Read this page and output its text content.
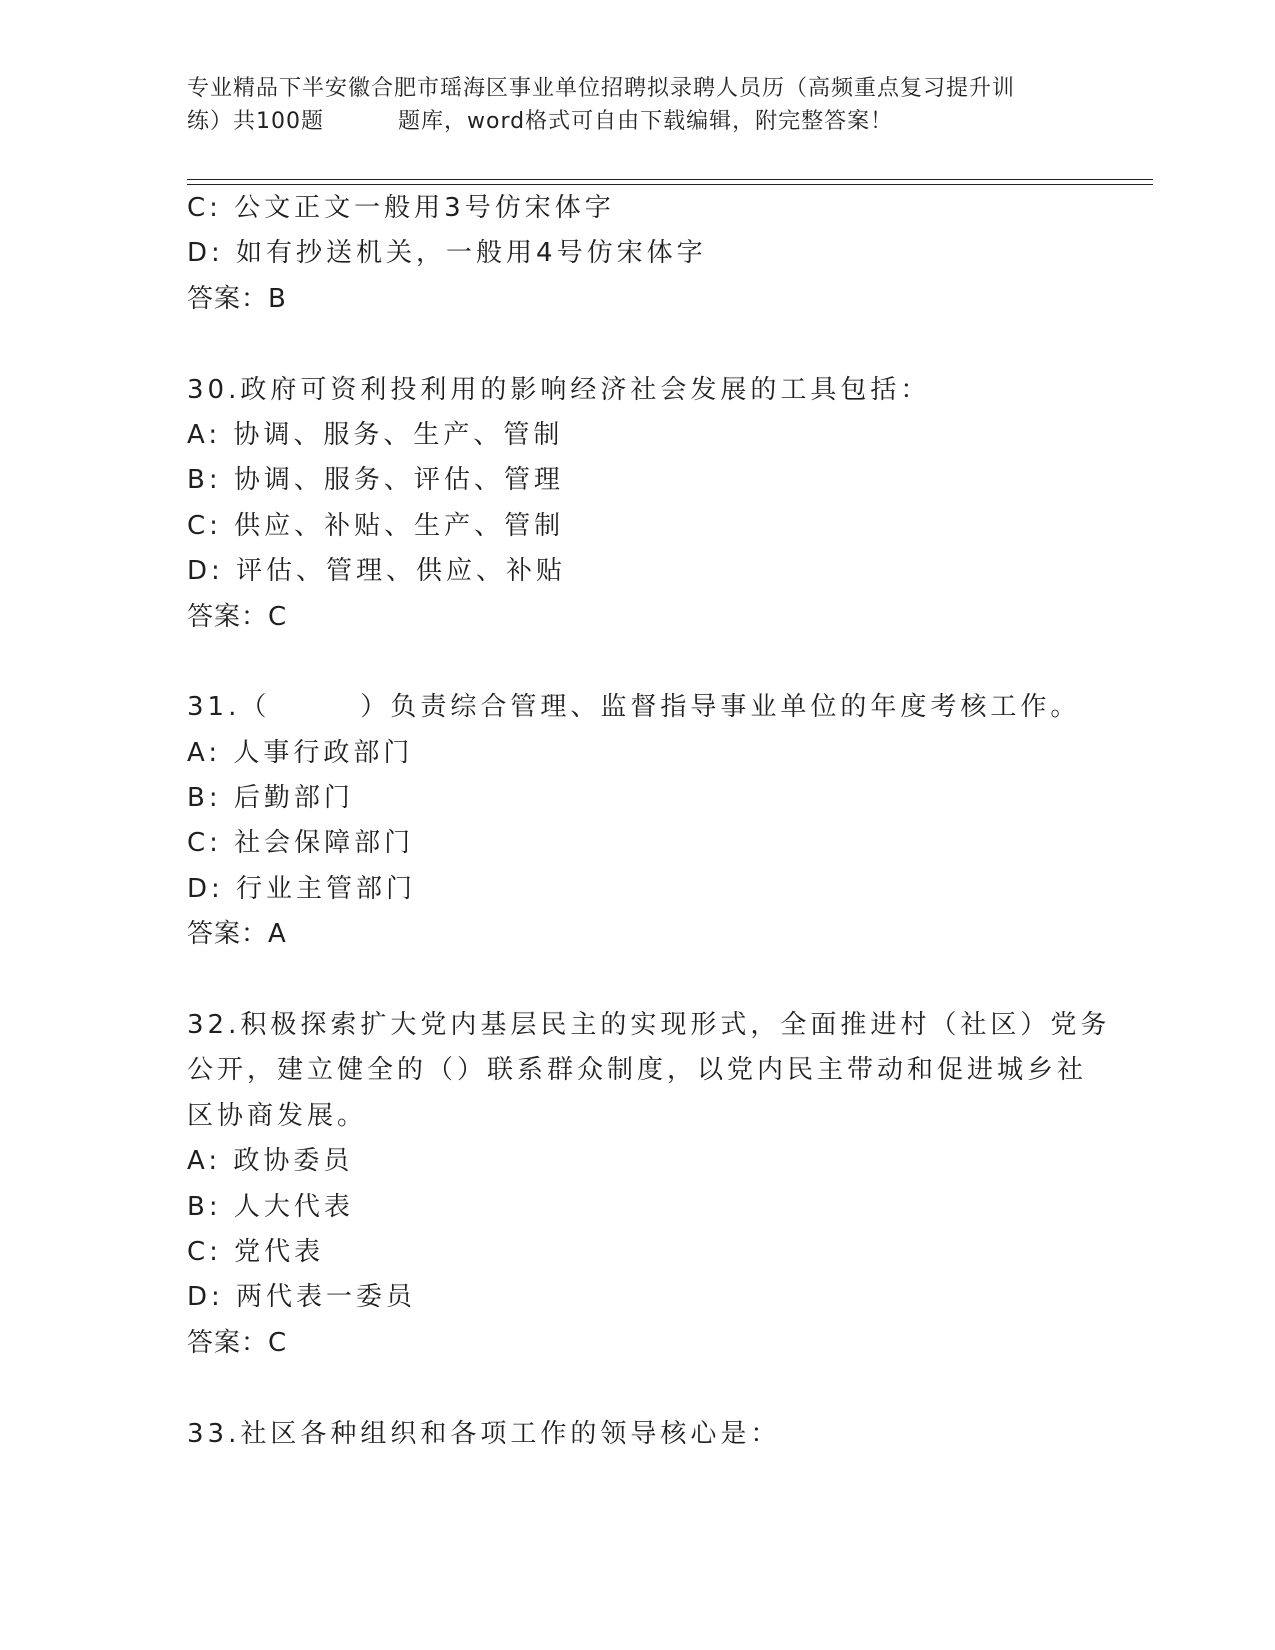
专业精品下半安徽合肥市瑶海区事业单位招聘拟录聘人员历（高频重点复习提升训
练）共100题	题库，word格式可自由下载编辑，附完整答案！
C: 公文正文一般用3号仿宋体字
D: 如有抄送机关，一般用4号仿宋体字
答案：B
30.政府可资利投利用的影响经济社会发展的工具包括：
A: 协调、服务、生产、管制
B: 协调、服务、评估、管理
C: 供应、补贴、生产、管制
D: 评估、管理、供应、补贴
答案：C
31.（　　　）负责综合管理、监督指导事业单位的年度考核工作。
A: 人事行政部门
B: 后勤部门
C: 社会保障部门
D: 行业主管部门
答案：A
32.积极探索扩大党内基层民主的实现形式，全面推进村（社区）党务
公开，建立健全的（）联系群众制度，以党内民主带动和促进城乡社
区协商发展。
A: 政协委员
B: 人大代表
C: 党代表
D: 两代表一委员
答案：C
33.社区各种组织和各项工作的领导核心是：
